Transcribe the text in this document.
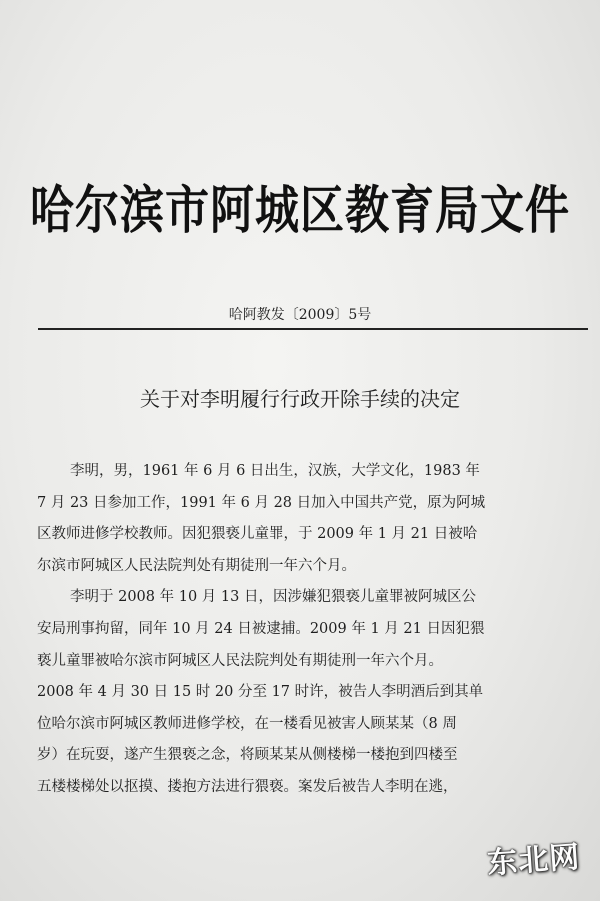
哈尔滨市阿城区教育局文件
哈阿教发〔2009〕5号
关于对李明履行行政开除手续的决定
李明，男，1961 年 6 月 6 日出生，汉族，大学文化，1983 年
7 月 23 日参加工作，1991 年 6 月 28 日加入中国共产党，原为阿城
区教师进修学校教师。因犯猥亵儿童罪，于 2009 年 1 月 21 日被哈
尔滨市阿城区人民法院判处有期徒刑一年六个月。
李明于 2008 年 10 月 13 日，因涉嫌犯猥亵儿童罪被阿城区公
安局刑事拘留，同年 10 月 24 日被逮捕。2009 年 1 月 21 日因犯猥
亵儿童罪被哈尔滨市阿城区人民法院判处有期徒刑一年六个月。
2008 年 4 月 30 日 15 时 20 分至 17 时许，被告人李明酒后到其单
位哈尔滨市阿城区教师进修学校，在一楼看见被害人顾某某（8 周
岁）在玩耍，遂产生猥亵之念，将顾某某从侧楼梯一楼抱到四楼至
五楼楼梯处以抠摸、搂抱方法进行猥亵。案发后被告人李明在逃，
东北网
